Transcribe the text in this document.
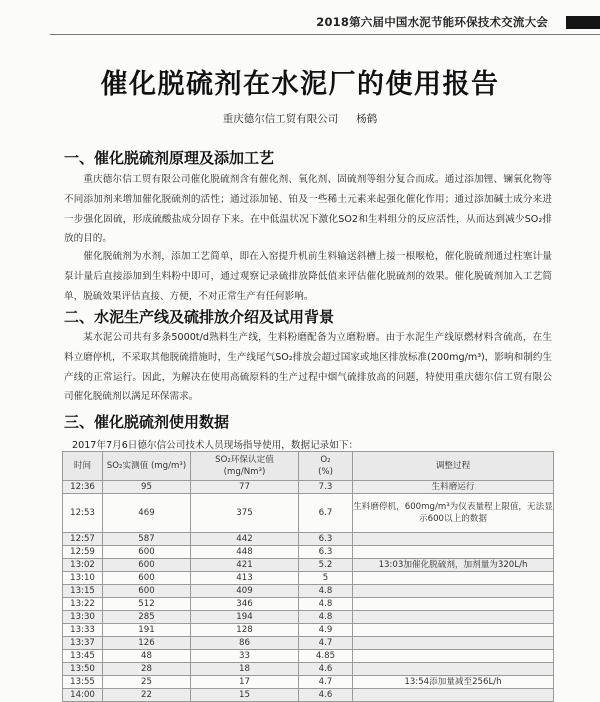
2018第六届中国水泥节能环保技术交流大会
催化脱硫剂在水泥厂的使用报告
重庆德尔信工贸有限公司 杨鹤
一、催化脱硫剂原理及添加工艺
重庆德尔信工贸有限公司催化脱硫剂含有催化剂、氧化剂、固硫剂等组分复合而成。通过添加锂、镧氧化物等不同添加剂来增加催化脱硫剂的活性；通过添加铋、铂及一些稀土元素来起强化催化作用；通过添加碱土成分来进一步强化固硫，形成硫酸盐成分固存下来。在中低温状况下激化SO2和生料组分的反应活性，从而达到减少SO₂排放的目的。
催化脱硫剂为水剂，添加工艺简单，即在入窑提升机前生料输送斜槽上接一根喉枪，催化脱硫剂通过柱塞计量泵计量后直接添加到生料粉中即可，通过观察记录硫排放降低值来评估催化脱硫剂的效果。催化脱硫剂加入工艺简单，脱硫效果评估直接、方便，不对正常生产有任何影响。
二、水泥生产线及硫排放介绍及试用背景
某水泥公司共有多条5000t/d熟料生产线，生料粉磨配备为立磨粉磨。由于水泥生产线原燃材料含硫高，在生料立磨停机，不采取其他脱硫措施时，生产线尾气SO₂排放会超过国家或地区排放标准(200mg/m³)，影响和制约生产线的正常运行。因此，为解决在使用高硫原料的生产过程中烟气硫排放高的问题，特使用重庆德尔信工贸有限公司催化脱硫剂以满足环保需求。
三、催化脱硫剂使用数据
2017年7月6日德尔信公司技术人员现场指导使用，数据记录如下：
时间	SO₂实测值 (mg/m³)	SO₂环保认定值
(mg/Nm³)	O₂
(%)	调整过程
12:36	95	77	7.3	生料磨运行
12:53	469	375	6.7	生料磨停机，600mg/m³为仪表量程上限值，无法显示600以上的数据
12:57	587	442	6.3	
12:59	600	448	6.3	
13:02	600	421	5.2	13:03加催化脱硫剂，加剂量为320L/h
13:10	600	413	5	
13:15	600	409	4.8	
13:22	512	346	4.8	
13:30	285	194	4.8	
13:33	191	128	4.9	
13:37	126	86	4.7	
13:45	48	33	4.85	
13:50	28	18	4.6	
13:55	25	17	4.7	13:54添加量减至256L/h
14:00	22	15	4.6	
